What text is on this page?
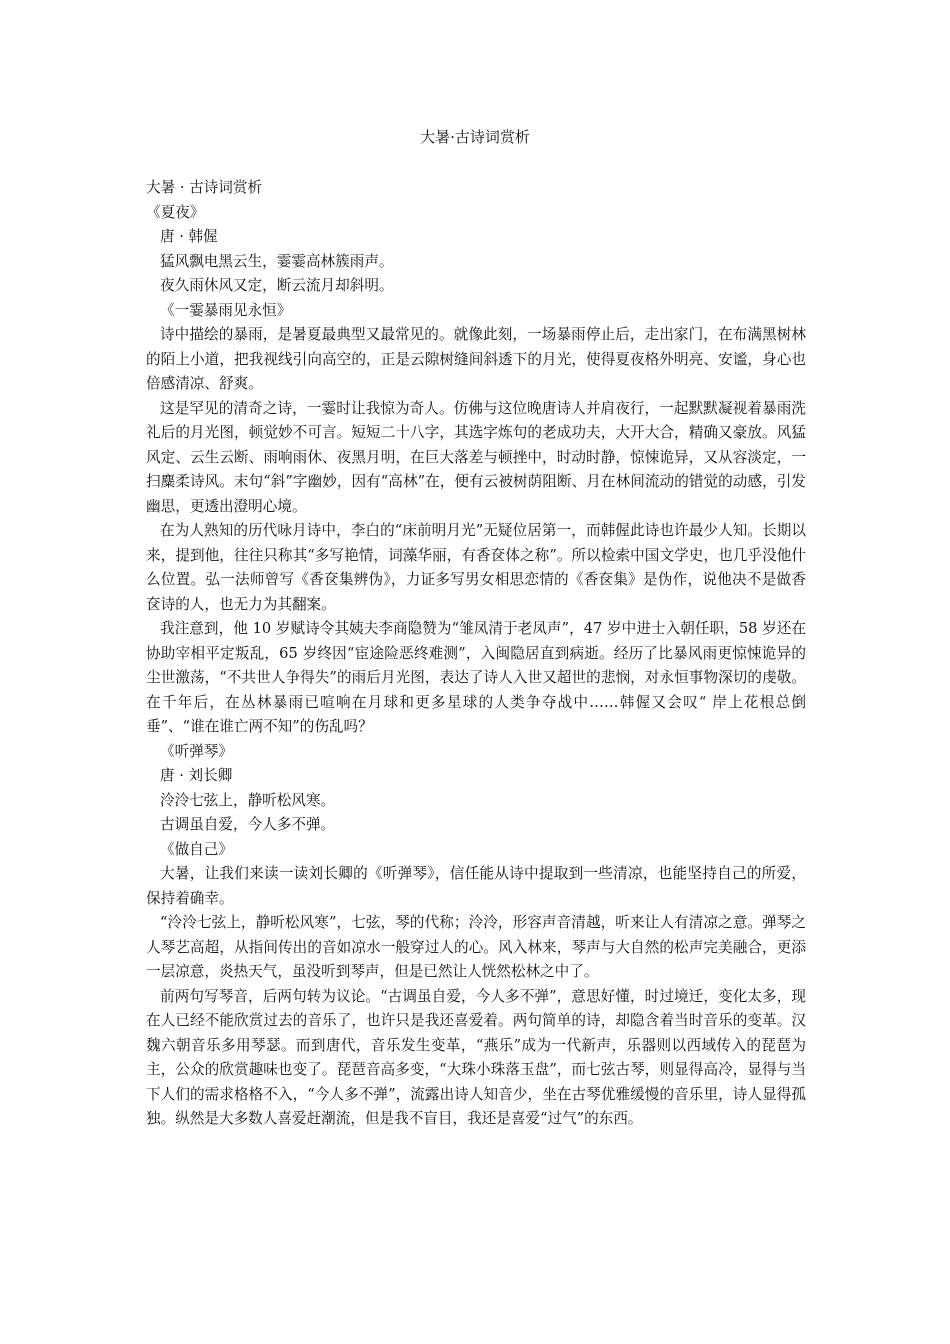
大暑·古诗词赏析

大暑 · 古诗词赏析

《夏夜》

唐 · 韩偓

猛风飘电黑云生，霎霎高林簇雨声。

夜久雨休风又定，断云流月却斜明。

《一霎暴雨见永恒》

诗中描绘的暴雨，是暑夏最典型又最常见的。就像此刻，一场暴雨停止后，走出家门，在布满黑树林的陌上小道，把我视线引向高空的，正是云隙树缝间斜透下的月光，使得夏夜格外明亮、安谧，身心也倍感清凉、舒爽。

这是罕见的清奇之诗，一霎时让我惊为奇人。仿佛与这位晚唐诗人并肩夜行，一起默默凝视着暴雨洗礼后的月光图，顿觉妙不可言。短短二十八字，其选字炼句的老成功夫，大开大合，精确又豪放。风猛风定、云生云断、雨响雨休、夜黑月明，在巨大落差与顿挫中，时动时静，惊悚诡异，又从容淡定，一扫麋柔诗风。末句“斜”字幽妙，因有“高林”在，便有云被树荫阻断、月在林间流动的错觉的动感，引发幽思，更透出澄明心境。

在为人熟知的历代咏月诗中，李白的“床前明月光”无疑位居第一，而韩偓此诗也许最少人知。长期以来，提到他，往往只称其“多写艳情，词藻华丽，有香奁体之称”。所以检索中国文学史，也几乎没他什么位置。弘一法师曾写《香奁集辨伪》，力证多写男女相思恋情的《香奁集》是伪作，说他决不是做香奁诗的人，也无力为其翻案。

我注意到，他 10 岁赋诗令其姨夫李商隐赞为“雏凤清于老凤声”，47 岁中进士入朝任职，58 岁还在协助宰相平定叛乱，65 岁终因“宦途险恶终难测”，入闽隐居直到病逝。经历了比暴风雨更惊悚诡异的尘世激荡，“不共世人争得失”的雨后月光图，表达了诗人入世又超世的悲悯，对永恒事物深切的虔敬。在千年后，在丛林暴雨已喧响在月球和更多星球的人类争夺战中……韩偓又会叹“ 岸上花根总倒垂”、“谁在谁亡两不知”的伤乱吗？

《听弹琴》

唐 · 刘长卿

泠泠七弦上，静听松风寒。

古调虽自爱，今人多不弹。

《做自己》

大暑，让我们来读一读刘长卿的《听弹琴》，信任能从诗中提取到一些清凉，也能坚持自己的所爱，保持着确幸。

“泠泠七弦上，静听松风寒”，七弦，琴的代称；泠泠，形容声音清越，听来让人有清凉之意。弹琴之人琴艺高超，从指间传出的音如凉水一般穿过人的心。风入林来，琴声与大自然的松声完美融合，更添一层凉意，炎热天气，虽没听到琴声，但是已然让人恍然松林之中了。

前两句写琴音，后两句转为议论。“古调虽自爱，今人多不弹”，意思好懂，时过境迁，变化太多，现在人已经不能欣赏过去的音乐了，也许只是我还喜爱着。两句简单的诗，却隐含着当时音乐的变革。汉魏六朝音乐多用琴瑟。而到唐代，音乐发生变革，“燕乐”成为一代新声，乐器则以西域传入的琵琶为主，公众的欣赏趣味也变了。琵琶音高多变，“大珠小珠落玉盘”，而七弦古琴，则显得高冷，显得与当下人们的需求格格不入，“今人多不弹”，流露出诗人知音少，坐在古琴优雅缓慢的音乐里，诗人显得孤独。纵然是大多数人喜爱赶潮流，但是我不盲目，我还是喜爱“过气”的东西。
